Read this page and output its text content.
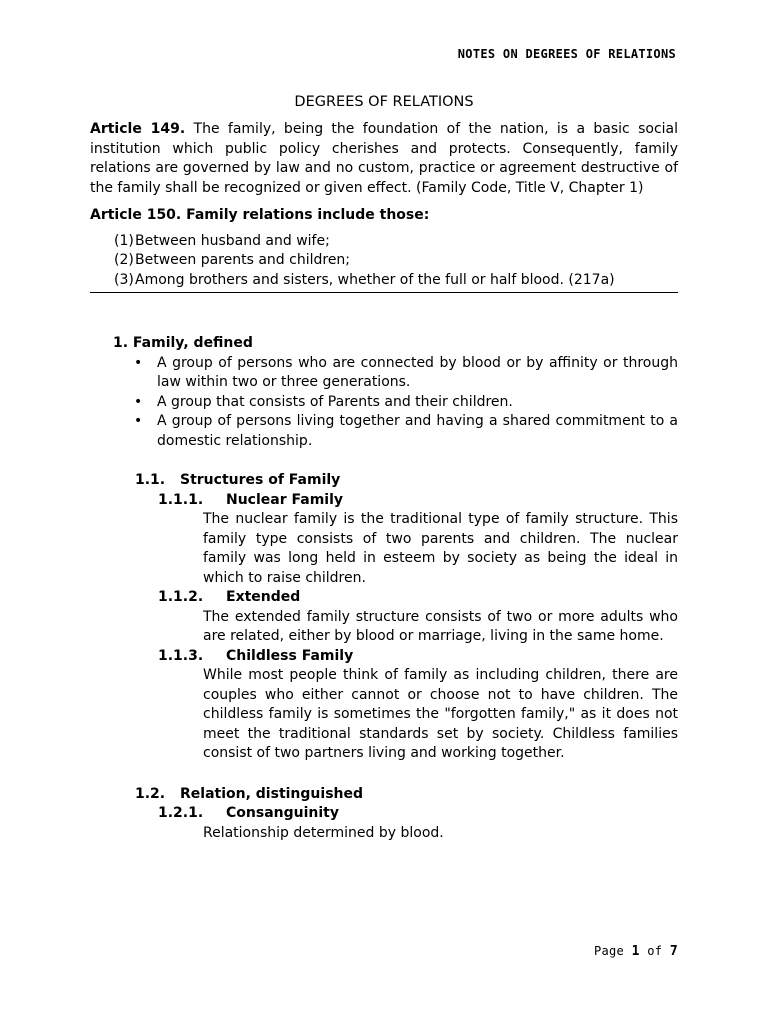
NOTES ON DEGREES OF RELATIONS
DEGREES OF RELATIONS

Article 149. The family, being the foundation of the nation, is a basic social institution which public policy cherishes and protects. Consequently, family relations are governed by law and no custom, practice or agreement destructive of the family shall be recognized or given effect. (Family Code, Title V, Chapter 1)

Article 150. Family relations include those:
(1) Between husband and wife;
(2) Between parents and children;
(3) Among brothers and sisters, whether of the full or half blood. (217a)
1. Family, defined
• A group of persons who are connected by blood or by affinity or through law within two or three generations.
• A group that consists of Parents and their children.
• A group of persons living together and having a shared commitment to a domestic relationship.
1.1. Structures of Family
1.1.1. Nuclear Family
The nuclear family is the traditional type of family structure. This family type consists of two parents and children. The nuclear family was long held in esteem by society as being the ideal in which to raise children.
1.1.2. Extended
The extended family structure consists of two or more adults who are related, either by blood or marriage, living in the same home.
1.1.3. Childless Family
While most people think of family as including children, there are couples who either cannot or choose not to have children. The childless family is sometimes the "forgotten family," as it does not meet the traditional standards set by society. Childless families consist of two partners living and working together.
1.2. Relation, distinguished
1.2.1. Consanguinity
Relationship determined by blood.
Page 1 of 7
